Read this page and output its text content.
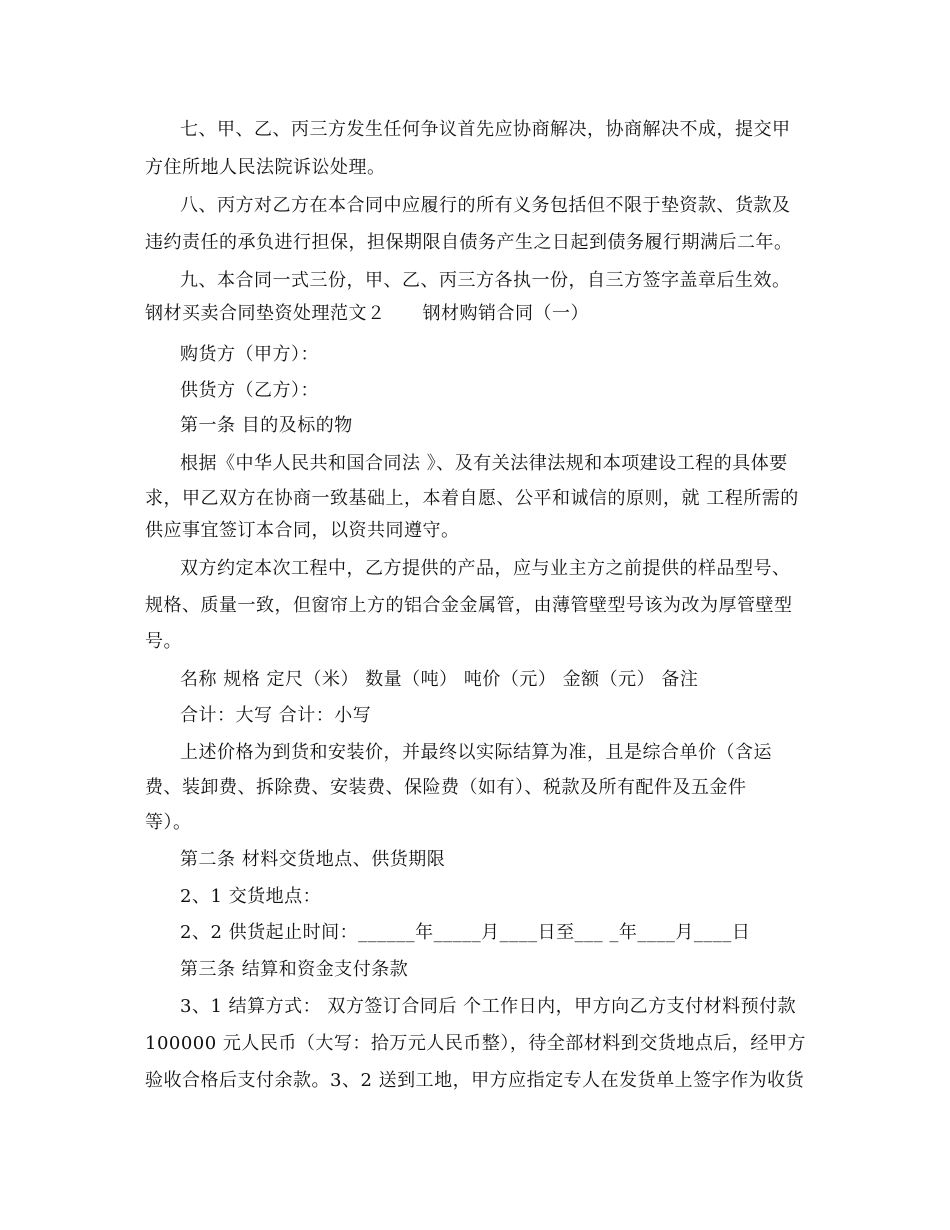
七、甲、乙、丙三方发生任何争议首先应协商解决，协商解决不成，提交甲
方住所地人民法院诉讼处理。
八、丙方对乙方在本合同中应履行的所有义务包括但不限于垫资款、货款及
违约责任的承负进行担保，担保期限自债务产生之日起到债务履行期满后二年。
九、本合同一式三份，甲、乙、丙三方各执一份，自三方签字盖章后生效。
钢材买卖合同垫资处理范文２　　钢材购销合同（一）
购货方（甲方）：
供货方（乙方）：
第一条 目的及标的物
根据《中华人民共和国合同法 》、及有关法律法规和本项建设工程的具体要
求，甲乙双方在协商一致基础上，本着自愿、公平和诚信的原则，就 工程所需的
供应事宜签订本合同，以资共同遵守。
双方约定本次工程中，乙方提供的产品，应与业主方之前提供的样品型号、
规格、质量一致，但窗帘上方的铝合金金属管，由薄管壁型号该为改为厚管壁型
号。
名称 规格 定尺（米） 数量（吨） 吨价（元） 金额（元） 备注
合计：大写 合计：小写
上述价格为到货和安装价，并最终以实际结算为准，且是综合单价（含运
费、装卸费、拆除费、安装费、保险费（如有）、税款及所有配件及五金件
等）。
第二条 材料交货地点、供货期限
2、1 交货地点：
2、2 供货起止时间：______年_____月____日至___ _年____月____日
第三条 结算和资金支付条款
3、1 结算方式： 双方签订合同后 个工作日内，甲方向乙方支付材料预付款
100000 元人民币（大写：拾万元人民币整），待全部材料到交货地点后，经甲方
验收合格后支付余款。3、2 送到工地，甲方应指定专人在发货单上签字作为收货
